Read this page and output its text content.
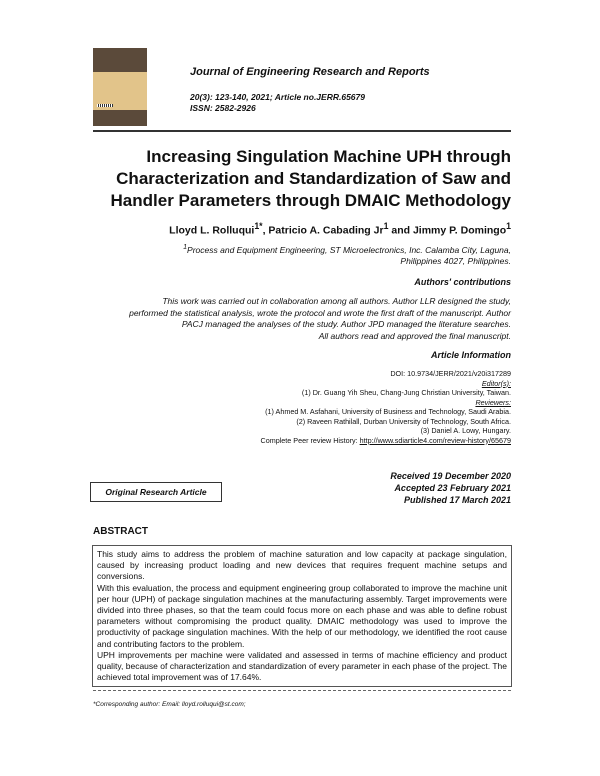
Journal of Engineering Research and Reports
20(3): 123-140, 2021; Article no.JERR.65679
ISSN: 2582-2926
Increasing Singulation Machine UPH through
Characterization and Standardization of Saw and
Handler Parameters through DMAIC Methodology
Lloyd L. Rolluqui$^{1*}$, Patricio A. Cabading Jr$^1$ and Jimmy P. Domingo$^1$
$^1$Process and Equipment Engineering, ST Microelectronics, Inc. Calamba City, Laguna, Philippines 4027, Philippines.
Authors' contributions
This work was carried out in collaboration among all authors. Author LLR designed the study,
performed the statistical analysis, wrote the protocol and wrote the first draft of the manuscript. Author
PACJ managed the analyses of the study. Author JPD managed the literature searches.
All authors read and approved the final manuscript.
Article Information
DOI: 10.9734/JERR/2021/v20i317289
Editor(s):
(1) Dr. Guang Yih Sheu, Chang-Jung Christian University, Taiwan.
Reviewers:
(1) Ahmed M. Asfahani, University of Business and Technology, Saudi Arabia.
(2) Raveen Rathilall, Durban University of Technology, South Africa.
(3) Daniel A. Lowy, Hungary.
Complete Peer review History: http://www.sdiarticle4.com/review-history/65679
Received 19 December 2020
Accepted 23 February 2021
Published 17 March 2021
Original Research Article
ABSTRACT

This study aims to address the problem of machine saturation and low capacity at package singulation, caused by increasing product loading and new devices that requires frequent machine setups and conversions.

With this evaluation, the process and equipment engineering group collaborated to improve the machine unit per hour (UPH) of package singulation machines at the manufacturing assembly. Target improvements were divided into three phases, so that the team could focus more on each phase and was able to define robust parameters without compromising the product quality. DMAIC methodology was used to improve the productivity of package singulation machines. With the help of our methodology, we identified the root cause and contributing factors to the problem.

UPH improvements per machine were validated and assessed in terms of machine efficiency and product quality, because of characterization and standardization of every parameter in each phase of the project. The achieved total improvement was of 17.64%.

*Corresponding author: Email: lloyd.rolluqui@st.com;
